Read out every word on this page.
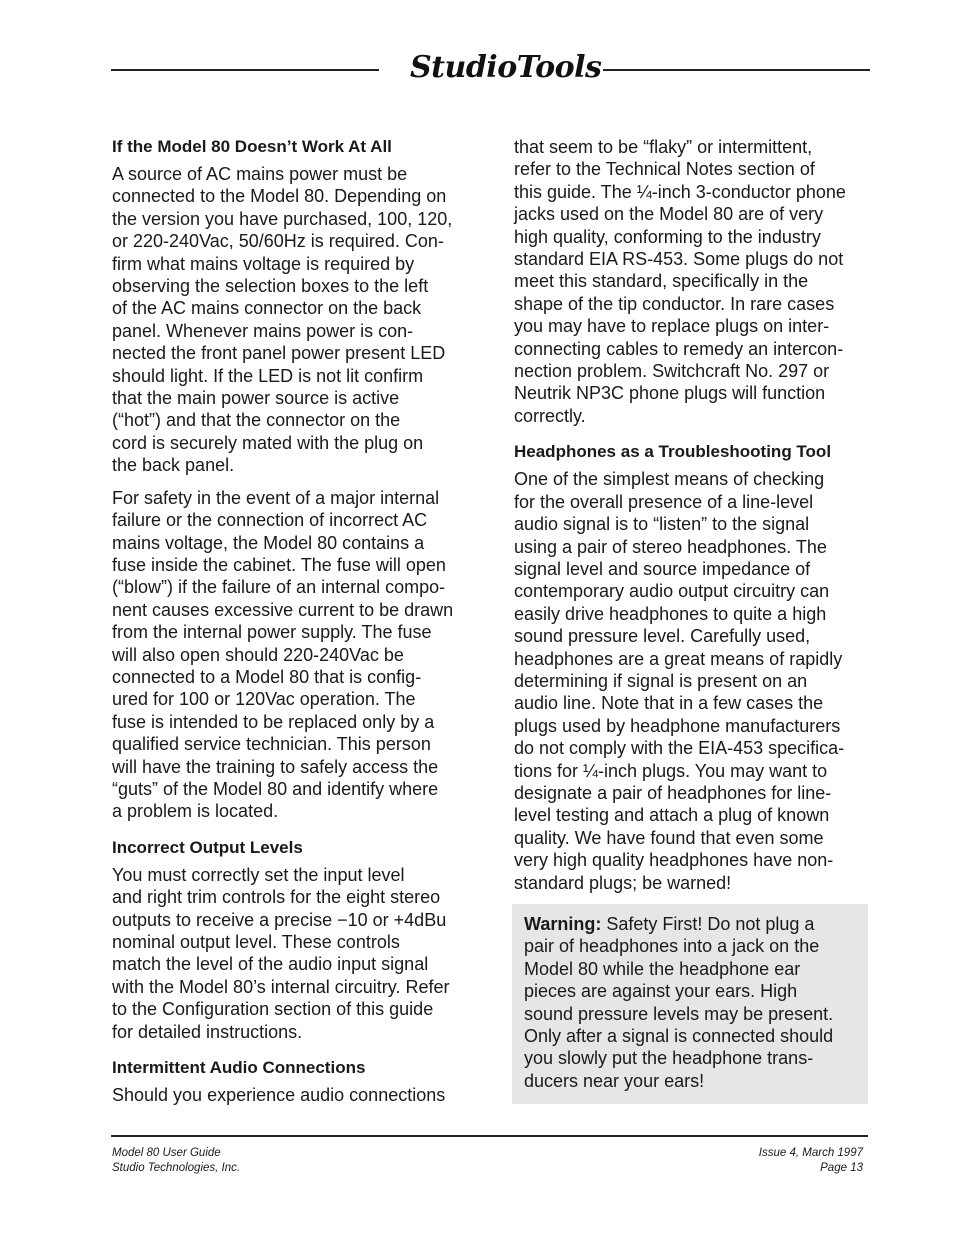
StudioTools
If the Model 80 Doesn’t Work At All

A source of AC mains power must be
connected to the Model 80. Depending on
the version you have purchased, 100, 120,
or 220-240Vac, 50/60Hz is required. Con-
firm what mains voltage is required by
observing the selection boxes to the left
of the AC mains connector on the back
panel. Whenever mains power is con-
nected the front panel power present LED
should light. If the LED is not lit confirm
that the main power source is active
(“hot”) and that the connector on the
cord is securely mated with the plug on
the back panel.

For safety in the event of a major internal
failure or the connection of incorrect AC
mains voltage, the Model 80 contains a
fuse inside the cabinet. The fuse will open
(“blow”) if the failure of an internal compo-
nent causes excessive current to be drawn
from the internal power supply. The fuse
will also open should 220-240Vac be
connected to a Model 80 that is config-
ured for 100 or 120Vac operation. The
fuse is intended to be replaced only by a
qualified service technician. This person
will have the training to safely access the
“guts” of the Model 80 and identify where
a problem is located.

Incorrect Output Levels

You must correctly set the input level
and right trim controls for the eight stereo
outputs to receive a precise −10 or +4dBu
nominal output level. These controls
match the level of the audio input signal
with the Model 80’s internal circuitry. Refer
to the Configuration section of this guide
for detailed instructions.

Intermittent Audio Connections

Should you experience audio connections

that seem to be “flaky” or intermittent,
refer to the Technical Notes section of
this guide. The ¼-inch 3-conductor phone
jacks used on the Model 80 are of very
high quality, conforming to the industry
standard EIA RS-453. Some plugs do not
meet this standard, specifically in the
shape of the tip conductor. In rare cases
you may have to replace plugs on inter-
connecting cables to remedy an intercon-
nection problem. Switchcraft No. 297 or
Neutrik NP3C phone plugs will function
correctly.

Headphones as a Troubleshooting Tool

One of the simplest means of checking
for the overall presence of a line-level
audio signal is to “listen” to the signal
using a pair of stereo headphones. The
signal level and source impedance of
contemporary audio output circuitry can
easily drive headphones to quite a high
sound pressure level. Carefully used,
headphones are a great means of rapidly
determining if signal is present on an
audio line. Note that in a few cases the
plugs used by headphone manufacturers
do not comply with the EIA-453 specifica-
tions for ¼-inch plugs. You may want to
designate a pair of headphones for line-
level testing and attach a plug of known
quality. We have found that even some
very high quality headphones have non-
standard plugs; be warned!

Warning: Safety First! Do not plug a
pair of headphones into a jack on the
Model 80 while the headphone ear
pieces are against your ears. High
sound pressure levels may be present.
Only after a signal is connected should
you slowly put the headphone trans-
ducers near your ears!

Model 80 User Guide
Studio Technologies, Inc.
Issue 4, March 1997
Page 13
